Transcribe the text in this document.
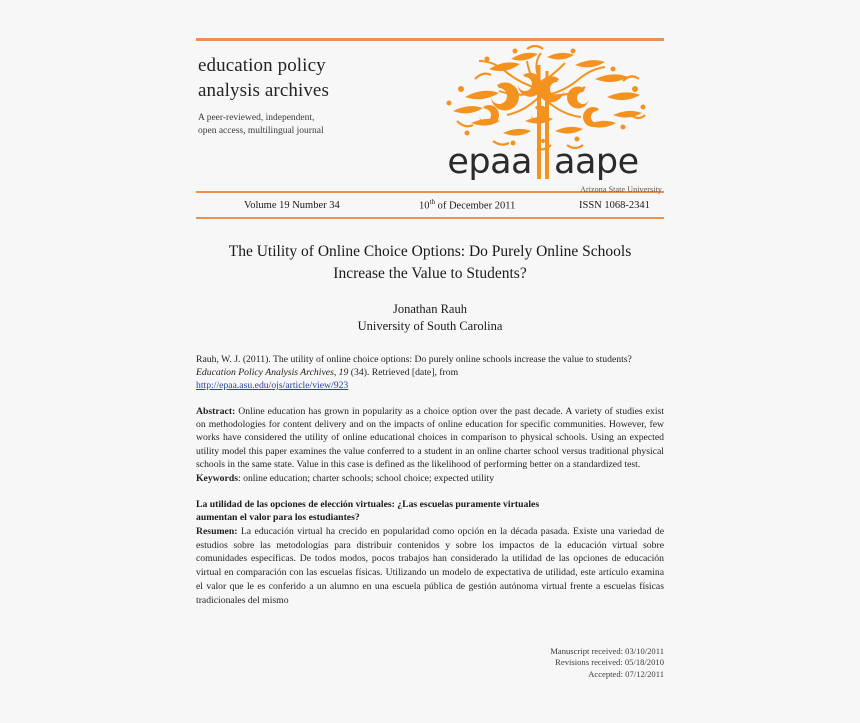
education policy
analysis archives
A peer-reviewed, independent,
open access, multilingual journal
epaa aape
Arizona State University
Volume 19 Number 34	10th of December 2011	ISSN 1068-2341
The Utility of Online Choice Options: Do Purely Online Schools
Increase the Value to Students?
Jonathan Rauh
University of South Carolina
Rauh, W. J. (2011). The utility of online choice options: Do purely online schools increase the value to students? Education Policy Analysis Archives, 19 (34). Retrieved [date], from
http://epaa.asu.edu/ojs/article/view/923
Abstract: Online education has grown in popularity as a choice option over the past decade. A variety of studies exist on methodologies for content delivery and on the impacts of online education for specific communities. However, few works have considered the utility of online educational choices in comparison to physical schools. Using an expected utility model this paper examines the value conferred to a student in an online charter school versus traditional physical schools in the same state. Value in this case is defined as the likelihood of performing better on a standardized test.
Keywords: online education; charter schools; school choice; expected utility
La utilidad de las opciones de elección virtuales: ¿Las escuelas puramente virtuales
aumentan el valor para los estudiantes?
Resumen: La educación virtual ha crecido en popularidad como opción en la década pasada. Existe una variedad de estudios sobre las metodologías para distribuir contenidos y sobre los impactos de la educación virtual sobre comunidades específicas. De todos modos, pocos trabajos han considerado la utilidad de las opciones de educación virtual en comparación con las escuelas físicas. Utilizando un modelo de expectativa de utilidad, este artículo examina el valor que le es conferido a un alumno en una escuela pública de gestión autónoma virtual frente a escuelas físicas tradicionales del mismo
Manuscript received: 03/10/2011
Revisions received: 05/18/2010
Accepted: 07/12/2011
